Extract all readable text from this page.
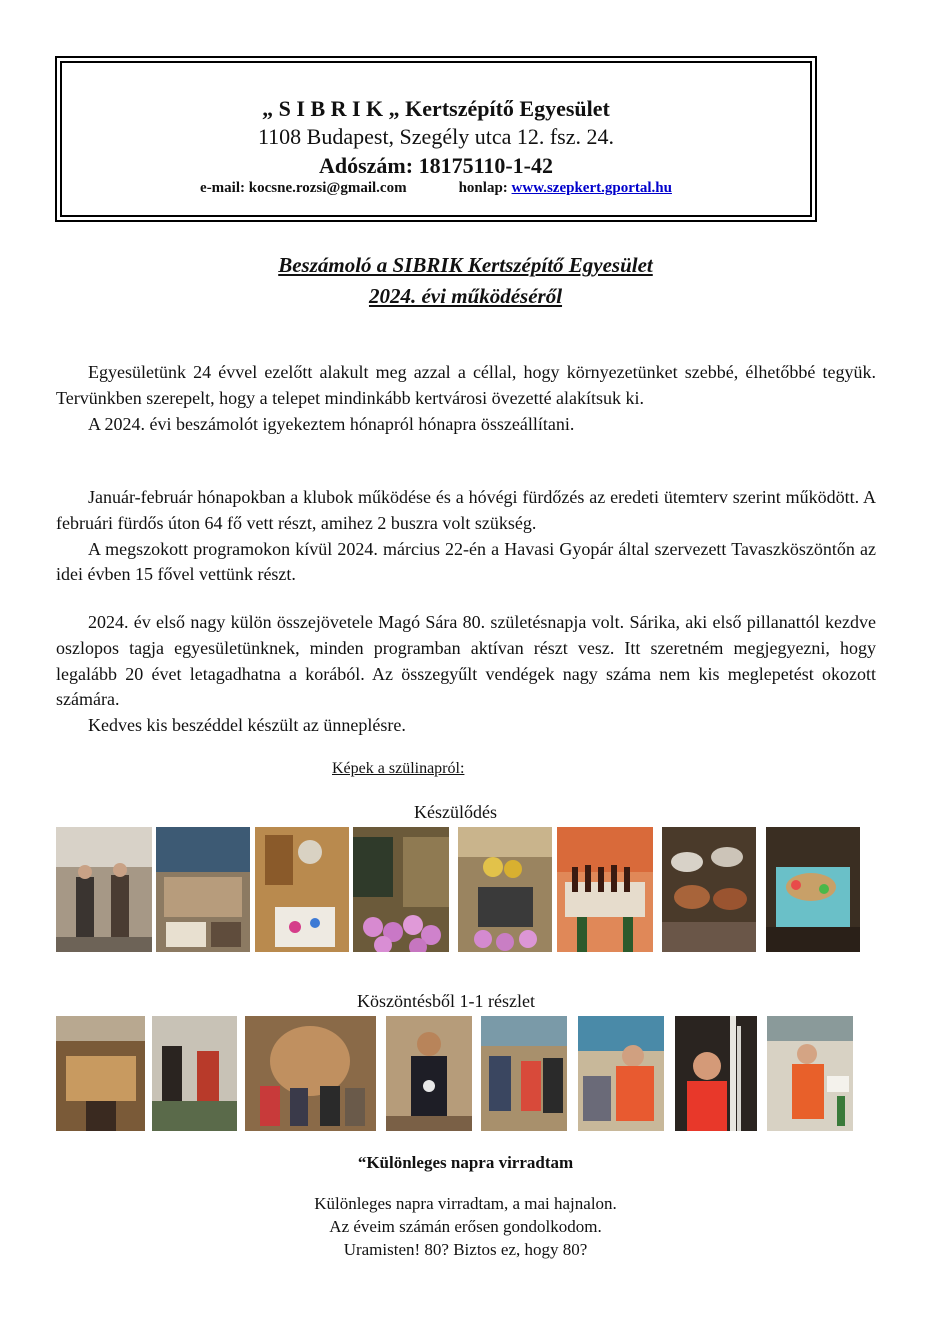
„ S I B R I K „ Kertszépítő Egyesület
1108 Budapest, Szegély utca 12. fsz. 24.
Adószám: 18175110-1-42
e-mail: kocsne.rozsi@gmail.com	honlap: www.szepkert.gportal.hu
Beszámoló a SIBRIK Kertszépítő Egyesület
2024. évi működéséről

Egyesületünk 24 évvel ezelőtt alakult meg azzal a céllal, hogy környezetünket szebbé, élhetőbbé tegyük. Tervünkben szerepelt, hogy a telepet mindinkább kertvárosi övezetté alakítsuk ki.

A 2024. évi beszámolót igyekeztem hónapról hónapra összeállítani.

Január-február hónapokban a klubok működése és a hóvégi fürdőzés az eredeti ütemterv szerint működött. A februári fürdős úton 64 fő vett részt, amihez 2 buszra volt szükség.

A megszokott programokon kívül 2024. március 22-én a Havasi Gyopár által szervezett Tavaszköszöntőn az idei évben 15 fővel vettünk részt.

2024. év első nagy külön összejövetele Magó Sára 80. születésnapja volt. Sárika, aki első pillanattól kezdve oszlopos tagja egyesületünknek, minden programban aktívan részt vesz. Itt szeretném megjegyezni, hogy legalább 20 évet letagadhatna a korából. Az összegyűlt vendégek nagy száma nem kis meglepetést okozott számára.

Kedves kis beszéddel készült az ünneplésre.

Képek a szülinapról:
Készülődés
Köszöntésből 1-1 részlet
“Különleges napra virradtam
Különleges napra virradtam, a mai hajnalon.
Az éveim számán erősen gondolkodom.
Uramisten! 80? Biztos ez, hogy 80?
